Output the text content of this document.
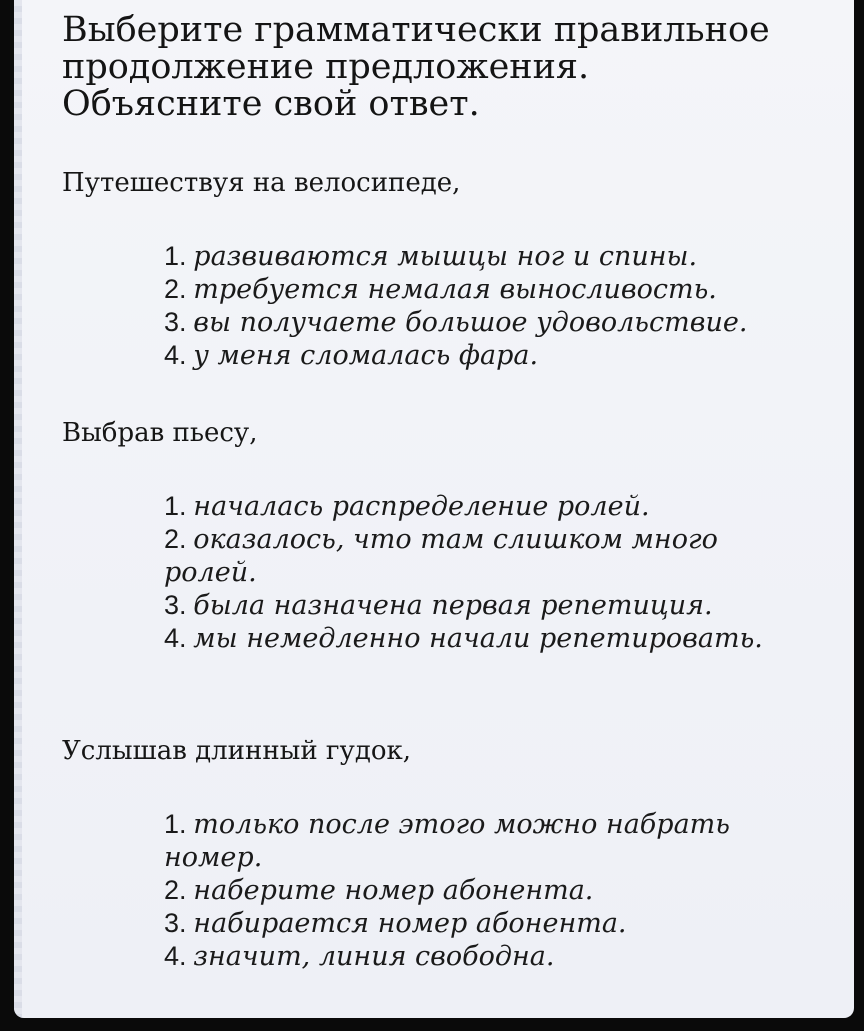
Выберите грамматически правильное
продолжение предложения.
Объясните свой ответ.
Путешествуя на велосипеде,
1. развиваются мышцы ног и спины.
2. требуется немалая выносливость.
3. вы получаете большое удовольствие.
4. у меня сломалась фара.
Выбрав пьесу,
1. началась распределение ролей.
2. оказалось, что там слишком много ролей.
3. была назначена первая репетиция.
4. мы немедленно начали репетировать.
Услышав длинный гудок,
1. только после этого можно набрать номер.
2. наберите номер абонента.
3. набирается номер абонента.
4. значит, линия свободна.
